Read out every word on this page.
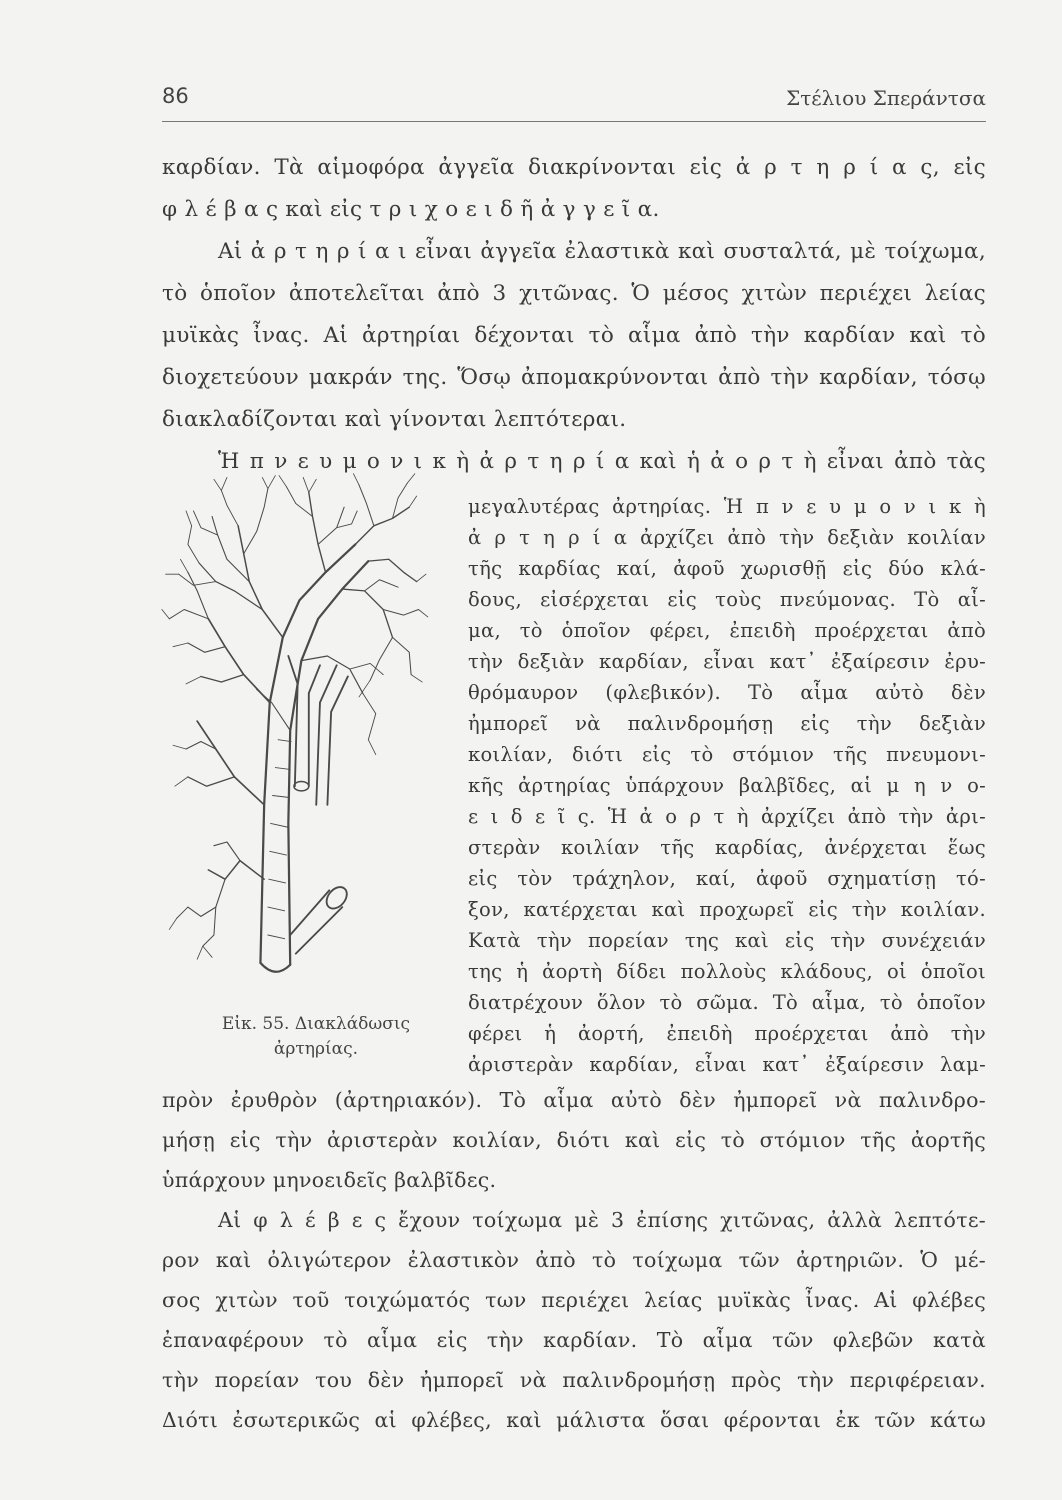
86	Στέλιου Σπεράντσα
καρδίαν. Τὰ αἱμοφόρα ἀγγεῖα διακρίνονται εἰς ἀ ρ τ η ρ ί α ς, εἰς
φ λ έ β α ς καὶ εἰς τ ρ ι χ ο ε ι δ ῆ ἀ γ γ ε ῖ α.
Αἱ ἀ ρ τ η ρ ί α ι εἶναι ἀγγεῖα ἐλαστικὰ καὶ συσταλτά, μὲ τοίχωμα,
τὸ ὁποῖον ἀποτελεῖται ἀπὸ 3 χιτῶνας. Ὁ μέσος χιτὼν περιέχει λείας
μυϊκὰς ἶνας. Αἱ ἀρτηρίαι δέχονται τὸ αἷμα ἀπὸ τὴν καρδίαν καὶ τὸ
διοχετεύουν μακράν της. Ὅσῳ ἀπομακρύνονται ἀπὸ τὴν καρδίαν, τόσῳ
διακλαδίζονται καὶ γίνονται λεπτότεραι.
Ἡ π ν ε υ μ ο ν ι κ ὴ ἀ ρ τ η ρ ί α καὶ ἡ ἀ ο ρ τ ὴ εἶναι ἀπὸ τὰς
μεγαλυτέρας ἀρτηρίας. Ἡ π ν ε υ μ ο ν ι κ ὴ
ἀ ρ τ η ρ ί α ἀρχίζει ἀπὸ τὴν δεξιὰν κοιλίαν
τῆς καρδίας καί, ἀφοῦ χωρισθῇ εἰς δύο κλά-
δους, εἰσέρχεται εἰς τοὺς πνεύμονας. Τὸ αἷ-
μα, τὸ ὁποῖον φέρει, ἐπειδὴ προέρχεται ἀπὸ
τὴν δεξιὰν καρδίαν, εἶναι κατ᾽ ἐξαίρεσιν ἐρυ-
θρόμαυρον (φλεβικόν). Τὸ αἷμα αὐτὸ δὲν
ἠμπορεῖ νὰ παλινδρομήσῃ εἰς τὴν δεξιὰν
κοιλίαν, διότι εἰς τὸ στόμιον τῆς πνευμονι-
κῆς ἀρτηρίας ὑπάρχουν βαλβῖδες, αἱ μ η ν ο-
ε ι δ ε ῖ ς. Ἡ ἀ ο ρ τ ὴ ἀρχίζει ἀπὸ τὴν ἀρι-
στερὰν κοιλίαν τῆς καρδίας, ἀνέρχεται ἕως
εἰς τὸν τράχηλον, καί, ἀφοῦ σχηματίσῃ τό-
ξον, κατέρχεται καὶ προχωρεῖ εἰς τὴν κοιλίαν.
Κατὰ τὴν πορείαν της καὶ εἰς τὴν συνέχειάν
της ἡ ἀορτὴ δίδει πολλοὺς κλάδους, οἱ ὁποῖοι
διατρέχουν ὅλον τὸ σῶμα. Τὸ αἷμα, τὸ ὁποῖον
φέρει ἡ ἀορτή, ἐπειδὴ προέρχεται ἀπὸ τὴν
ἀριστερὰν καρδίαν, εἶναι κατ᾽ ἐξαίρεσιν λαμ-
Εἰκ. 55. Διακλάδωσις
ἀρτηρίας.
πρὸν ἐρυθρὸν (ἀρτηριακόν). Τὸ αἷμα αὐτὸ δὲν ἠμπορεῖ νὰ παλινδρο-
μήσῃ εἰς τὴν ἀριστερὰν κοιλίαν, διότι καὶ εἰς τὸ στόμιον τῆς ἀορτῆς
ὑπάρχουν μηνοειδεῖς βαλβῖδες.
Αἱ φ λ έ β ε ς ἔχουν τοίχωμα μὲ 3 ἐπίσης χιτῶνας, ἀλλὰ λεπτότε-
ρον καὶ ὀλιγώτερον ἐλαστικὸν ἀπὸ τὸ τοίχωμα τῶν ἀρτηριῶν. Ὁ μέ-
σος χιτὼν τοῦ τοιχώματός των περιέχει λείας μυϊκὰς ἶνας. Αἱ φλέβες
ἐπαναφέρουν τὸ αἷμα εἰς τὴν καρδίαν. Τὸ αἷμα τῶν φλεβῶν κατὰ
τὴν πορείαν του δὲν ἠμπορεῖ νὰ παλινδρομήσῃ πρὸς τὴν περιφέρειαν.
Διότι ἐσωτερικῶς αἱ φλέβες, καὶ μάλιστα ὅσαι φέρονται ἐκ τῶν κάτω
